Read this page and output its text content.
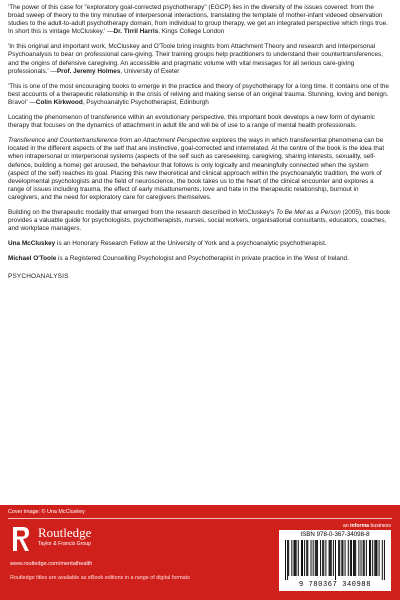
'The power of this case for "exploratory goal-corrected psychotherapy" (EGCP) lies in the diversity of the issues covered: from the broad sweep of theory to the tiny minutiae of interpersonal interactions, translating the template of mother-infant videoed observation studies to the adult-to-adult psychotherapy domain, from individual to group therapy, we get an integrated perspective which rings true. In short this is vintage McCluskey.' —Dr. Tirril Harris, Kings College London

'In this original and important work, McCluskey and O'Toole bring insights from Attachment Theory and research and Interpersonal Psychoanalysis to bear on professional care-giving. Their training groups help practitioners to understand their countertransferences, and the origins of defensive caregiving. An accessible and pragmatic volume with vital messages for all serious care-giving professionals.' —Prof. Jeremy Holmes, University of Exeter

'This is one of the most encouraging books to emerge in the practice and theory of psychotherapy for a long time. It contains one of the best accounts of a therapeutic relationship in the crisis of reliving and making sense of an original trauma. Stunning, loving and benign. Bravo!' —Colin Kirkwood, Psychoanalytic Psychotherapist, Edinburgh

Locating the phenomenon of transference within an evolutionary perspective, this important book develops a new form of dynamic therapy that focuses on the dynamics of attachment in adult life and will be of use to a range of mental health professionals.

Transference and Countertransference from an Attachment Perspective explores the ways in which transferential phenomena can be located in the different aspects of the self that are instinctive, goal-corrected and interrelated. At the centre of the book is the idea that when intrapersonal or interpersonal systems (aspects of the self such as careseeking, caregiving, sharing interests, sexuality, self-defence, building a home) get aroused, the behaviour that follows is only logically and meaningfully connected when the system (aspect of the self) reaches its goal. Placing this new theoretical and clinical approach within the psychoanalytic tradition, the work of developmental psychologists and the field of neuroscience, the book takes us to the heart of the clinical encounter and explores a range of issues including trauma, the effect of early misattunements, love and hate in the therapeutic relationship, burnout in caregivers, and the need for exploratory care for caregivers themselves.

Building on the therapeutic modality that emerged from the research described in McCluskey's To Be Met as a Person (2005), this book provides a valuable guide for psychologists, psychotherapists, nurses, social workers, organisational consultants, educators, coaches, and workplace managers.

Una McCluskey is an Honorary Research Fellow at the University of York and a psychoanalytic psychotherapist.

Michael O'Toole is a Registered Counselling Psychologist and Psychotherapist in private practice in the West of Ireland.

PSYCHOANALYSIS
Cover image: © Una McCluskey
Routledge
Taylor & Francis Group
www.routledge.com/mentalhealth
Routledge titles are available as eBook editions in a range of digital formats
an informa business
ISBN 978-0-367-34098-8
9 780367 340988
